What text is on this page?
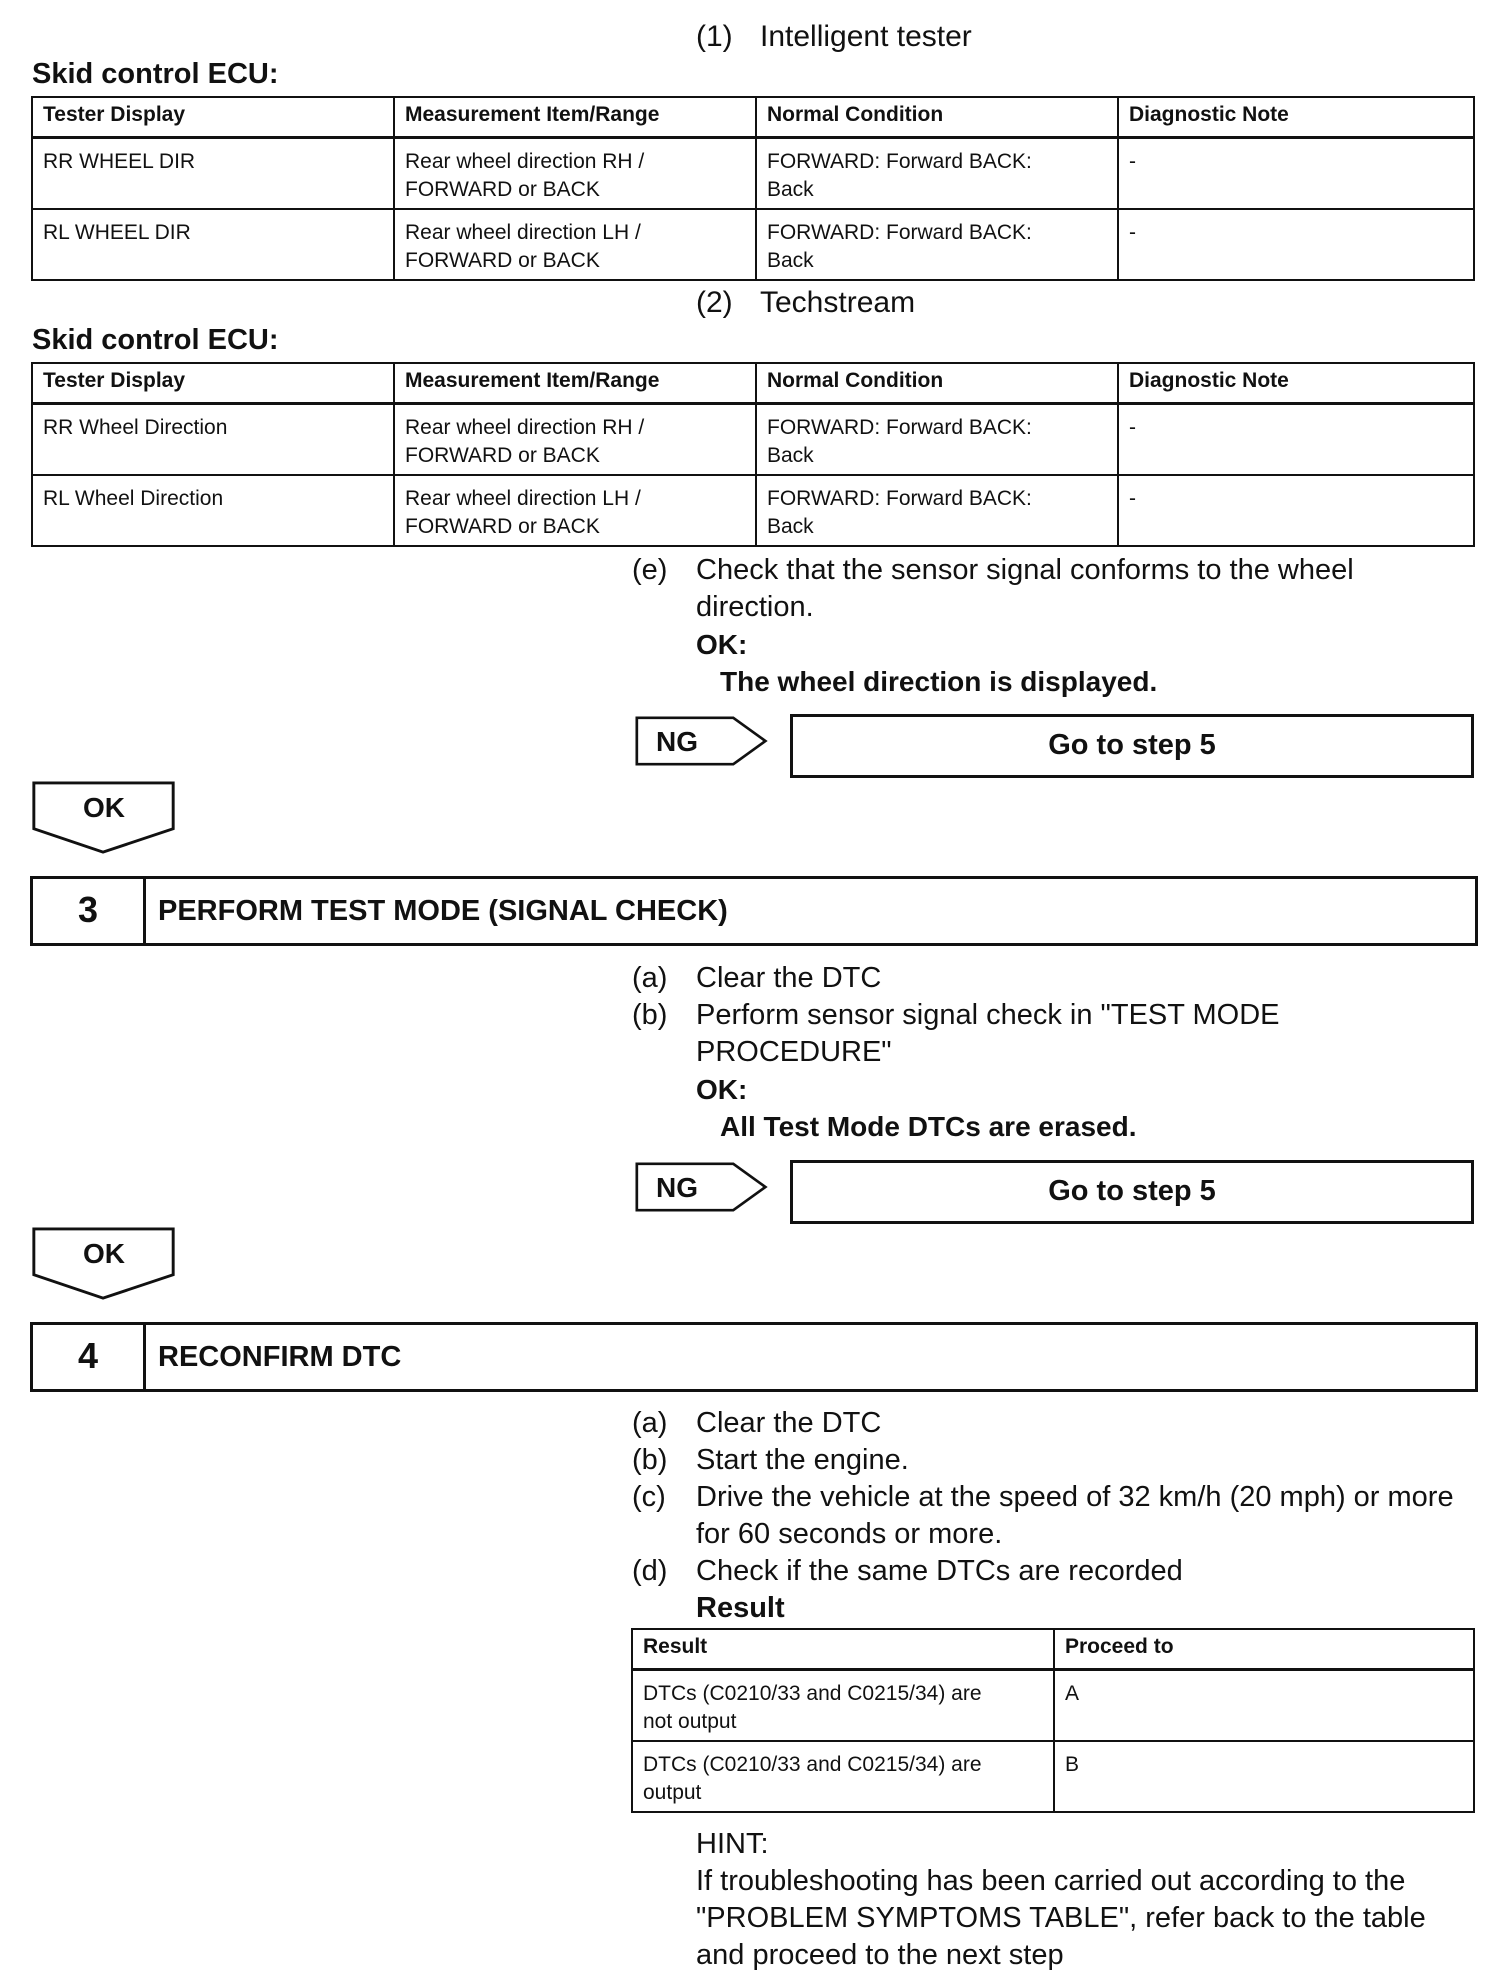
(1) Intelligent tester
Skid control ECU:
Tester Display	Measurement Item/Range	Normal Condition	Diagnostic Note
RR WHEEL DIR	Rear wheel direction RH / FORWARD or BACK	FORWARD: Forward BACK: Back	-
RL WHEEL DIR	Rear wheel direction LH / FORWARD or BACK	FORWARD: Forward BACK: Back	-
(2) Techstream
Skid control ECU:
Tester Display	Measurement Item/Range	Normal Condition	Diagnostic Note
RR Wheel Direction	Rear wheel direction RH / FORWARD or BACK	FORWARD: Forward BACK: Back	-
RL Wheel Direction	Rear wheel direction LH / FORWARD or BACK	FORWARD: Forward BACK: Back	-
(e) Check that the sensor signal conforms to the wheel direction.
OK:
The wheel direction is displayed.
NG	Go to step 5
OK
3	PERFORM TEST MODE (SIGNAL CHECK)
(a) Clear the DTC
(b) Perform sensor signal check in "TEST MODE PROCEDURE"
OK:
All Test Mode DTCs are erased.
NG	Go to step 5
OK
4	RECONFIRM DTC
(a) Clear the DTC
(b) Start the engine.
(c) Drive the vehicle at the speed of 32 km/h (20 mph) or more for 60 seconds or more.
(d) Check if the same DTCs are recorded
Result
Result	Proceed to
DTCs (C0210/33 and C0215/34) are not output	A
DTCs (C0210/33 and C0215/34) are output	B
HINT:
If troubleshooting has been carried out according to the "PROBLEM SYMPTOMS TABLE", refer back to the table and proceed to the next step
